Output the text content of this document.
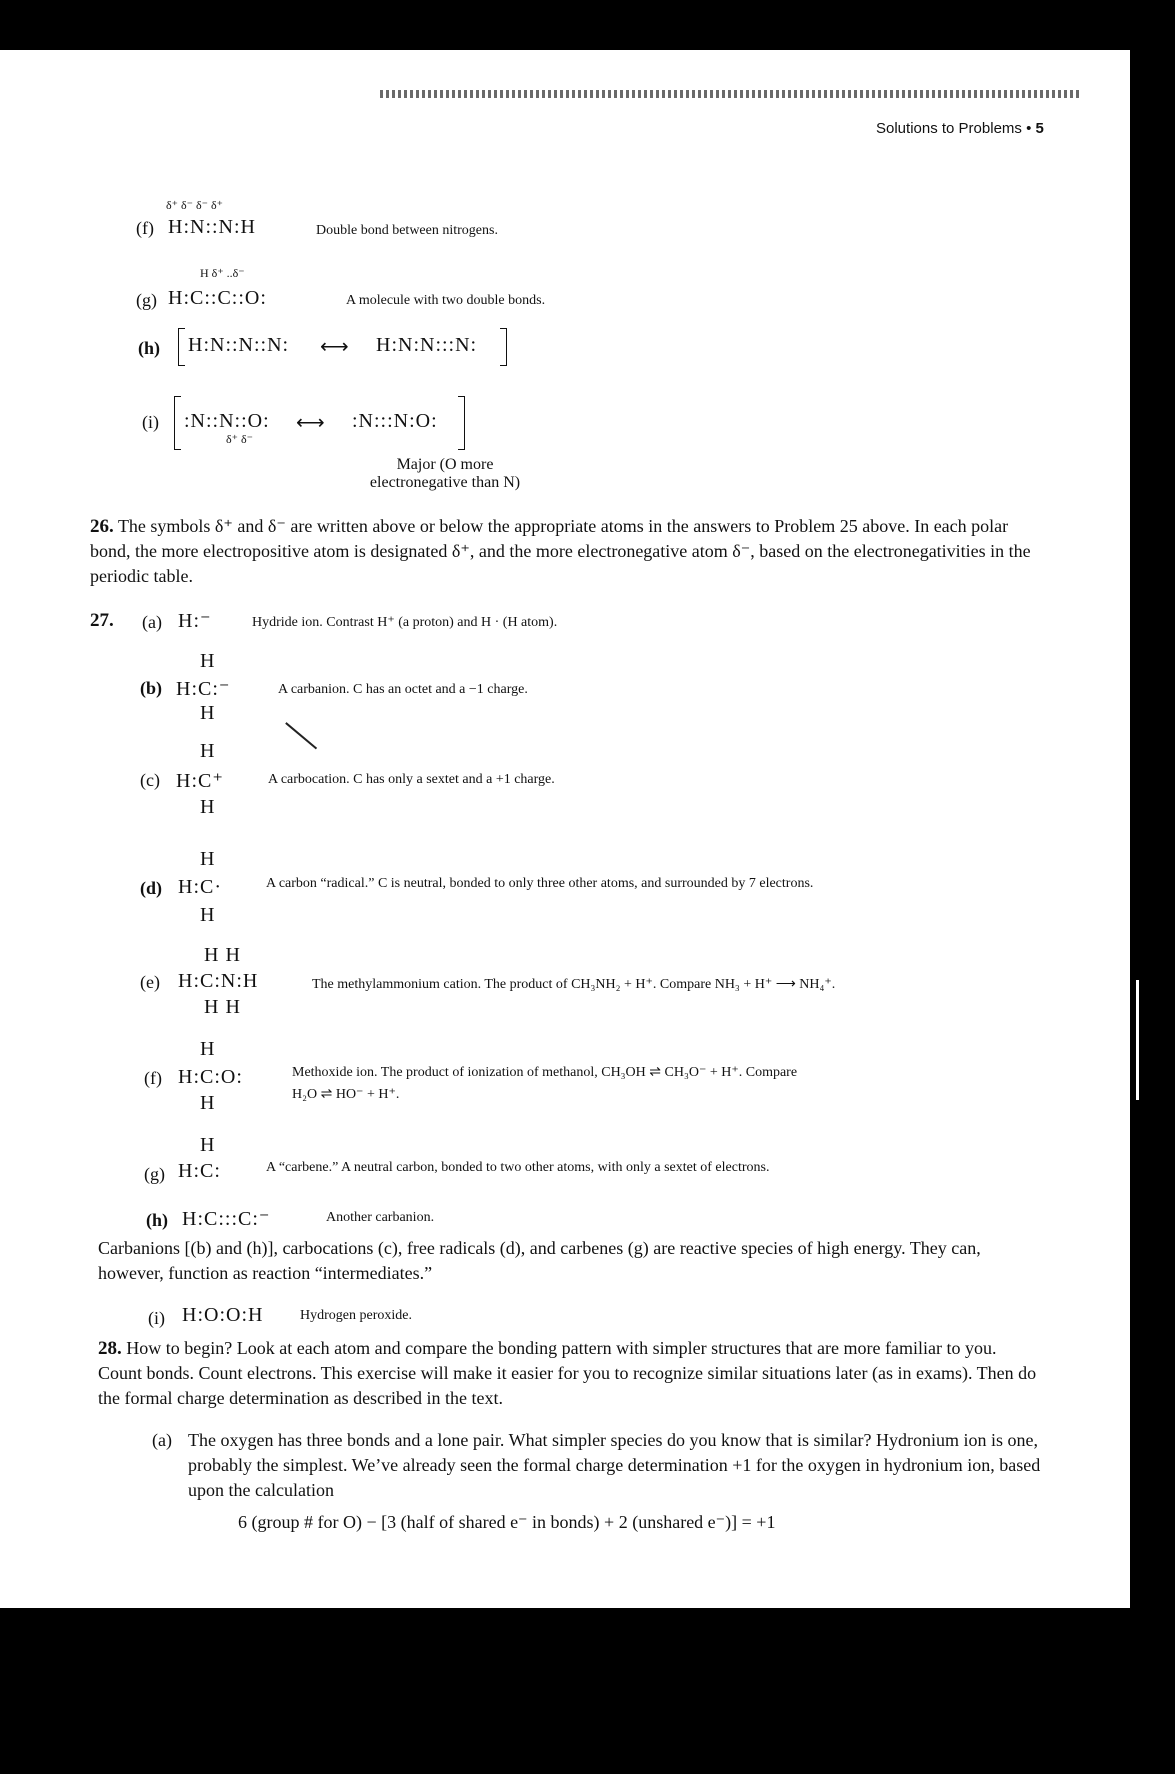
Solutions to Problems • 5
δ⁺ δ⁻ δ⁻ δ⁺
(f) H:N::N:H	Double bond between nitrogens.
H δ⁺ ..δ⁻
(g) H:C::C::O:	A molecule with two double bonds.
(h) H:N::N::N: ⟷ H:N:N:::N:
(i) :N::N::O:
δ⁺ δ⁻
⟷ :N:::N:O:
Major (O more
electronegative than N)
26. The symbols δ⁺ and δ⁻ are written above or below the appropriate atoms in the answers to Problem 25 above. In each polar bond, the more electropositive atom is designated δ⁺, and the more electronegative atom δ⁻, based on the electronegativities in the periodic table.
27. (a) H:⁻	Hydride ion. Contrast H⁺ (a proton) and H · (H atom).
H
(b) H:C:⁻
H
A carbanion. C has an octet and a −1 charge.
H
(c) H:C⁺
H
A carbocation. C has only a sextet and a +1 charge.
H
(d) H:C·
H
A carbon “radical.” C is neutral, bonded to only three other atoms, and surrounded by 7 electrons.
H H
(e) H:C:N:H
H H
The methylammonium cation. The product of CH₃NH₂ + H⁺. Compare NH₃ + H⁺ ⟶ NH₄⁺.
H
(f) H:C:O:
H
Methoxide ion. The product of ionization of methanol, CH₃OH ⇌ CH₃O⁻ + H⁺. Compare
H₂O ⇌ HO⁻ + H⁺.
H
(g) H:C:	A “carbene.” A neutral carbon, bonded to two other atoms, with only a sextet of electrons.
(h) H:C:::C:⁻	Another carbanion.
Carbanions [(b) and (h)], carbocations (c), free radicals (d), and carbenes (g) are reactive species of high energy. They can, however, function as reaction “intermediates.”
(i) H:O:O:H	Hydrogen peroxide.
28. How to begin? Look at each atom and compare the bonding pattern with simpler structures that are more familiar to you. Count bonds. Count electrons. This exercise will make it easier for you to recognize similar situations later (as in exams). Then do the formal charge determination as described in the text.
(a) The oxygen has three bonds and a lone pair. What simpler species do you know that is similar? Hydronium ion is one, probably the simplest. We’ve already seen the formal charge determination +1 for the oxygen in hydronium ion, based upon the calculation
6 (group # for O) − [3 (half of shared e⁻ in bonds) + 2 (unshared e⁻)] = +1
